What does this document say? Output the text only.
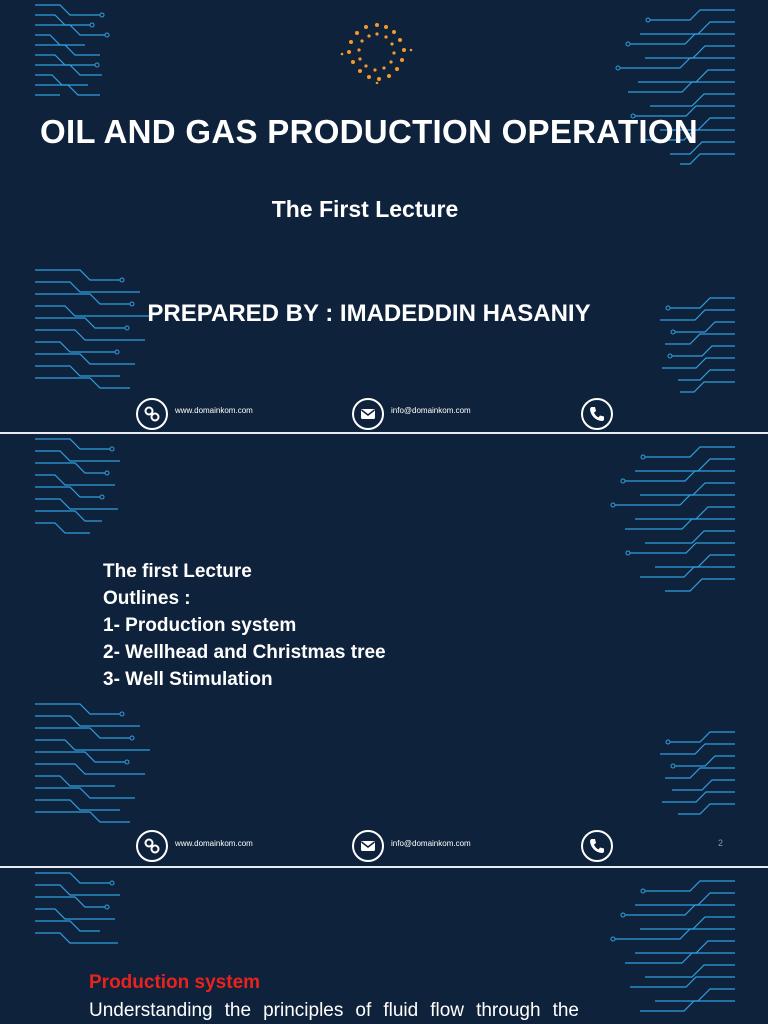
OIL AND GAS PRODUCTION OPERATION
The First Lecture
PREPARED BY : IMADEDDIN HASANIY
www.domainkom.com	info@domainkom.com
The first Lecture
Outlines :
1- Production system
2- Wellhead and Christmas tree
3- Well Stimulation
www.domainkom.com	info@domainkom.com	2
Production system
Understanding the principles of fluid flow through the
